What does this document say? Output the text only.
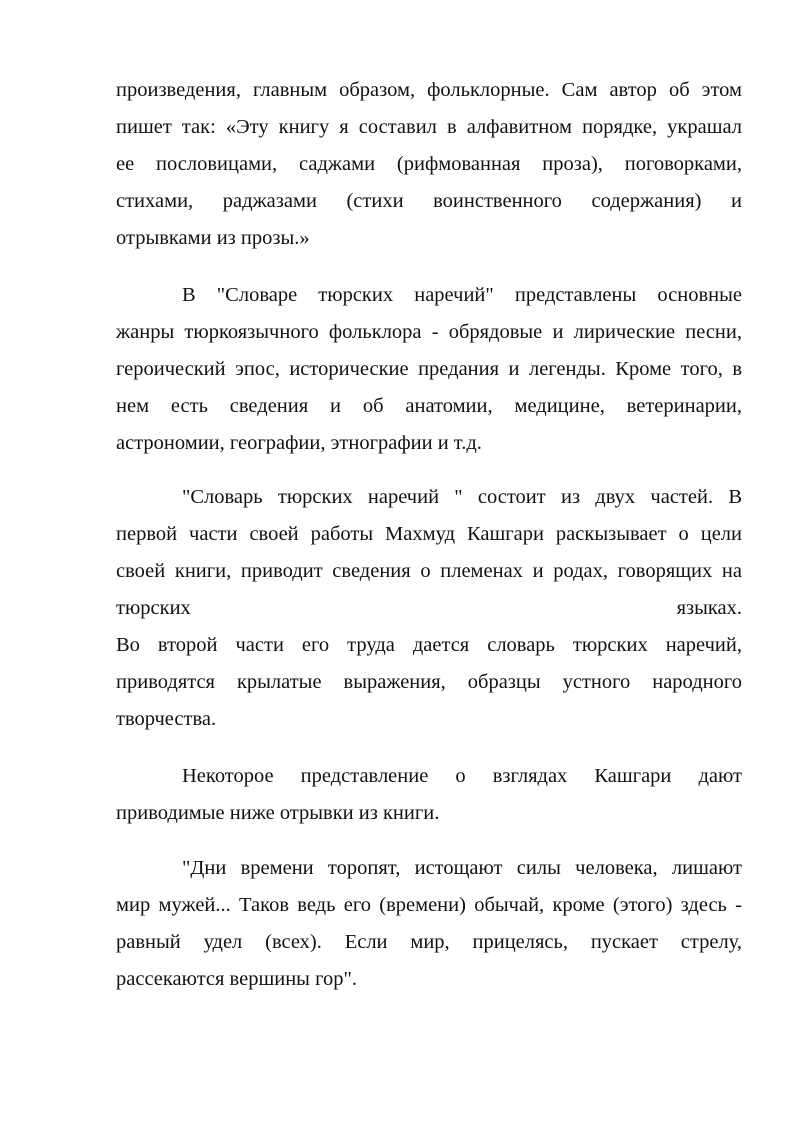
произведения, главным образом, фольклорные. Сам автор об этом
пишет так: «Эту книгу я составил в алфавитном порядке, украшал
ее пословицами, саджами (рифмованная проза), поговорками,
стихами, раджазами (стихи воинственного содержания) и
отрывками из прозы.»
В "Словаре тюрских наречий" представлены основные
жанры тюркоязычного фольклора - обрядовые и лирические песни,
героический эпос, исторические предания и легенды. Кроме того, в
нем есть сведения и об анатомии, медицине, ветеринарии,
астрономии, географии, этнографии и т.д.
"Словарь тюрских наречий " состоит из двух частей. В
первой части своей работы Махмуд Кашгари раскызывает о цели
своей книги, приводит сведения о племенах и родах, говорящих на
тюрских	языках.
Во второй части его труда дается словарь тюрских наречий,
приводятся крылатые выражения, образцы устного народного
творчества.
Некоторое представление о взглядах Кашгари дают
приводимые ниже отрывки из книги.
"Дни времени торопят, истощают силы человека, лишают
мир мужей... Таков ведь его (времени) обычай, кроме (этого) здесь -
равный удел (всех). Если мир, прицелясь, пускает стрелу,
рассекаются вершины гор".
